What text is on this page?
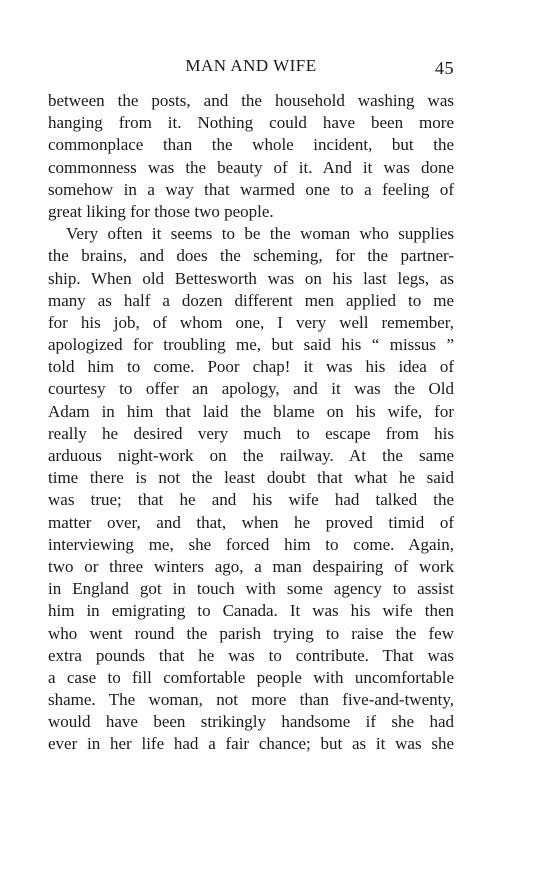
MAN AND WIFE	45
between the posts, and the household washing was
hanging from it. Nothing could have been more
commonplace than the whole incident, but the
commonness was the beauty of it. And it was done
somehow in a way that warmed one to a feeling of
great liking for those two people.
Very often it seems to be the woman who supplies
the brains, and does the scheming, for the partner-
ship. When old Bettesworth was on his last legs, as
many as half a dozen different men applied to me
for his job, of whom one, I very well remember,
apologized for troubling me, but said his “ missus ”
told him to come. Poor chap! it was his idea of
courtesy to offer an apology, and it was the Old
Adam in him that laid the blame on his wife, for
really he desired very much to escape from his
arduous night-work on the railway. At the same
time there is not the least doubt that what he said
was true; that he and his wife had talked the
matter over, and that, when he proved timid of
interviewing me, she forced him to come. Again,
two or three winters ago, a man despairing of work
in England got in touch with some agency to assist
him in emigrating to Canada. It was his wife then
who went round the parish trying to raise the few
extra pounds that he was to contribute. That was
a case to fill comfortable people with uncomfortable
shame. The woman, not more than five-and-twenty,
would have been strikingly handsome if she had
ever in her life had a fair chance; but as it was she
